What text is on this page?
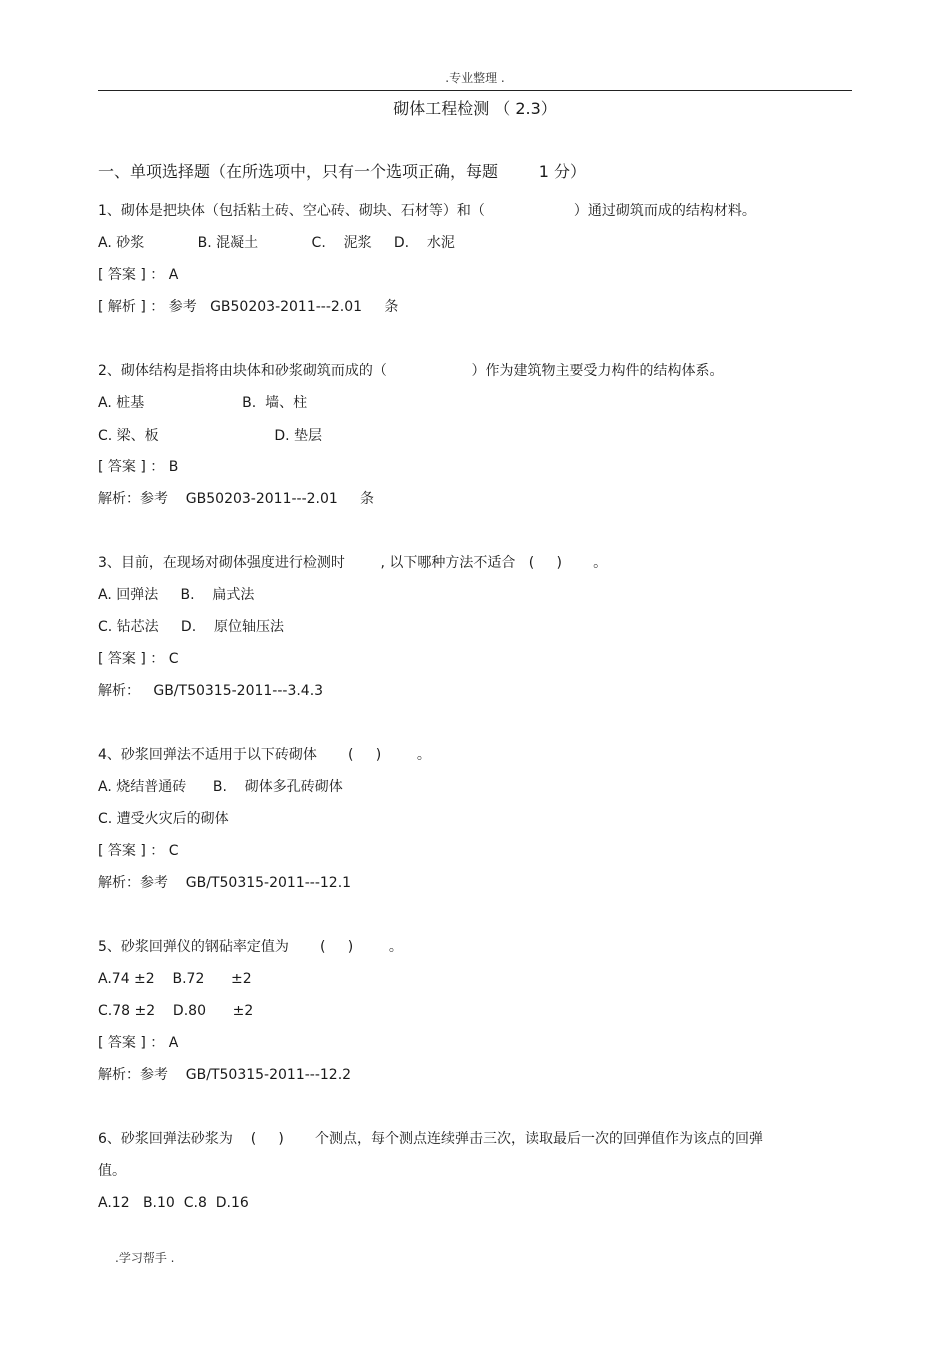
.专业整理 .
砌体工程检测 （ 2.3）
一、单项选择题（在所选项中，只有一个选项正确，每题        1 分）
1、砌体是把块体（包括粘土砖、空心砖、砌块、石材等）和（                    ）通过砌筑而成的结构材料。
A. 砂浆            B. 混凝土            C.    泥浆     D.    水泥
[ 答案 ] ： A
[ 解析 ] ： 参考   GB50203-2011---2.01     条
2、砌体结构是指将由块体和砂浆砌筑而成的（                   ）作为建筑物主要受力构件的结构体系。
A. 桩基                      B.  墙、柱
C. 梁、板                          D. 垫层
[ 答案 ] ： B
解析：参考    GB50203-2011---2.01     条
3、目前，在现场对砌体强度进行检测时        , 以下哪种方法不适合   (     )       。
A. 回弹法     B.    扁式法
C. 钻芯法     D.    原位轴压法
[ 答案 ] ： C
解析：   GB/T50315-2011---3.4.3
4、砂浆回弹法不适用于以下砖砌体       (     )        。
A. 烧结普通砖      B.    砌体多孔砖砌体
C. 遭受火灾后的砌体
[ 答案 ] ： C
解析：参考    GB/T50315-2011---12.1
5、砂浆回弹仪的钢砧率定值为       (     )        。
A.74 ±2    B.72      ±2
C.78 ±2    D.80      ±2
[ 答案 ] ： A
解析：参考    GB/T50315-2011---12.2
6、砂浆回弹法砂浆为    (     )       个测点，每个测点连续弹击三次，读取最后一次的回弹值作为该点的回弹
值。
A.12   B.10  C.8  D.16
.学习帮手 .
